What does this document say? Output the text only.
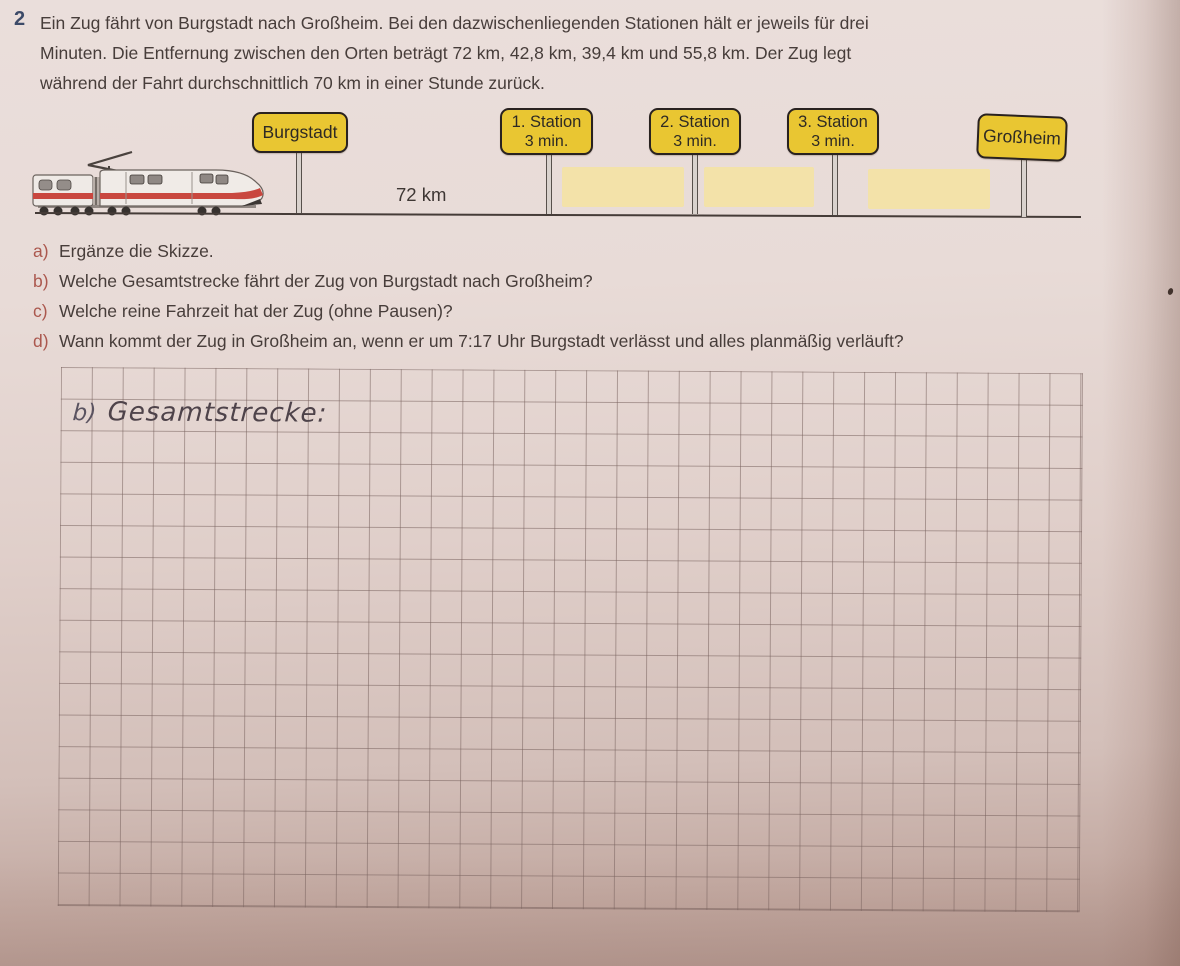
2 Ein Zug fährt von Burgstadt nach Großheim. Bei den dazwischenliegenden Stationen hält er jeweils für drei
Minuten. Die Entfernung zwischen den Orten beträgt 72 km, 42,8 km, 39,4 km und 55,8 km. Der Zug legt
während der Fahrt durchschnittlich 70 km in einer Stunde zurück.
Burgstadt
1. Station
3 min.
2. Station
3 min.
3. Station
3 min.	Großheim
72 km
a) Ergänze die Skizze.
b) Welche Gesamtstrecke fährt der Zug von Burgstadt nach Großheim?
c) Welche reine Fahrzeit hat der Zug (ohne Pausen)?
d) Wann kommt der Zug in Großheim an, wenn er um 7:17 Uhr Burgstadt verlässt und alles planmäßig verläuft?
b) Gesamtstrecke:
